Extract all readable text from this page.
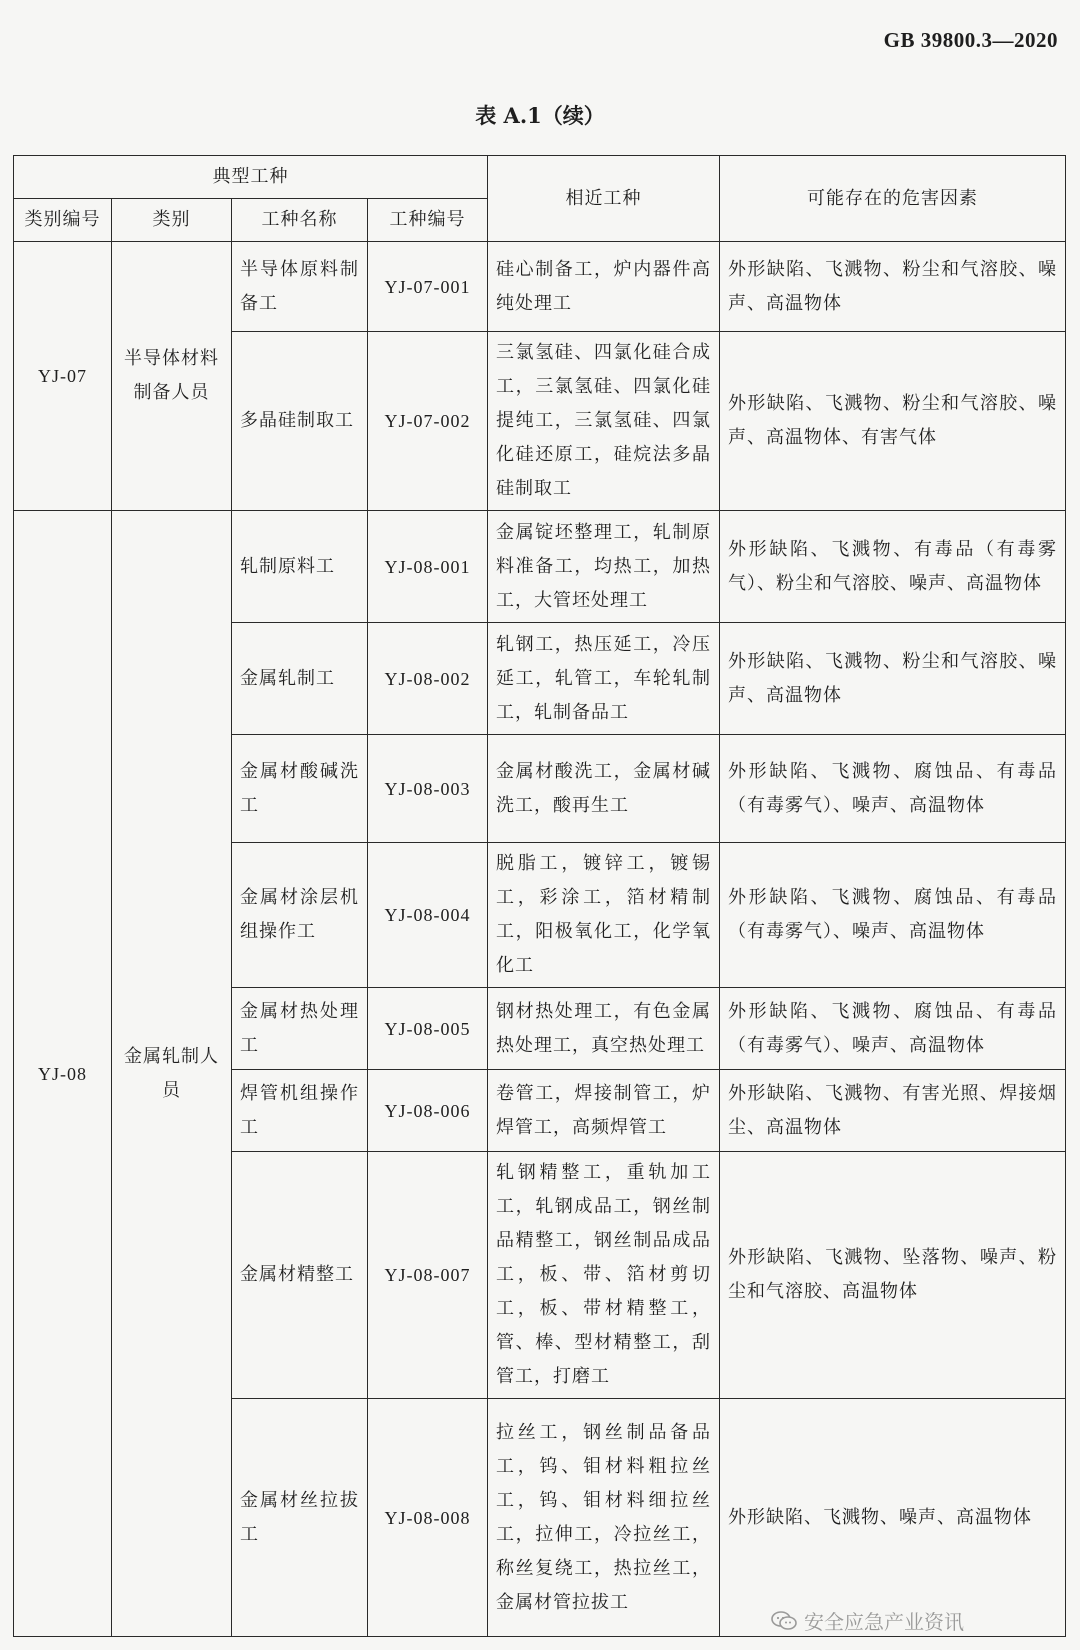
GB 39800.3—2020
表 A.1（续）
典型工种				相近工种	可能存在的危害因素
类别编号	类别	工种名称	工种编号		
YJ-07	半导体材料制备人员	半导体原料制备工	YJ-07-001	硅心制备工，炉内器件高纯处理工	外形缺陷、飞溅物、粉尘和气溶胶、噪声、高温物体
		多晶硅制取工	YJ-07-002	三氯氢硅、四氯化硅合成工，三氯氢硅、四氯化硅提纯工，三氯氢硅、四氯化硅还原工，硅烷法多晶硅制取工	外形缺陷、飞溅物、粉尘和气溶胶、噪声、高温物体、有害气体
YJ-08	金属轧制人员	轧制原料工	YJ-08-001	金属锭坯整理工，轧制原料准备工，均热工，加热工，大管坯处理工	外形缺陷、飞溅物、有毒品（有毒雾气）、粉尘和气溶胶、噪声、高温物体
		金属轧制工	YJ-08-002	轧钢工，热压延工，冷压延工，轧管工，车轮轧制工，轧制备品工	外形缺陷、飞溅物、粉尘和气溶胶、噪声、高温物体
		金属材酸碱洗工	YJ-08-003	金属材酸洗工，金属材碱洗工，酸再生工	外形缺陷、飞溅物、腐蚀品、有毒品（有毒雾气）、噪声、高温物体
		金属材涂层机组操作工	YJ-08-004	脱脂工，镀锌工，镀锡工，彩涂工，箔材精制工，阳极氧化工，化学氧化工	外形缺陷、飞溅物、腐蚀品、有毒品（有毒雾气）、噪声、高温物体
		金属材热处理工	YJ-08-005	钢材热处理工，有色金属热处理工，真空热处理工	外形缺陷、飞溅物、腐蚀品、有毒品（有毒雾气）、噪声、高温物体
		焊管机组操作工	YJ-08-006	卷管工，焊接制管工，炉焊管工，高频焊管工	外形缺陷、飞溅物、有害光照、焊接烟尘、高温物体
		金属材精整工	YJ-08-007	轧钢精整工，重轨加工工，轧钢成品工，钢丝制品精整工，钢丝制品成品工，板、带、箔材剪切工，板、带材精整工，管、棒、型材精整工，刮管工，打磨工	外形缺陷、飞溅物、坠落物、噪声、粉尘和气溶胶、高温物体
		金属材丝拉拔工	YJ-08-008	拉丝工，钢丝制品备品工，钨、钼材料粗拉丝工，钨、钼材料细拉丝工，拉伸工，冷拉丝工，称丝复绕工，热拉丝工，金属材管拉拔工	外形缺陷、飞溅物、噪声、高温物体
安全应急产业资讯
